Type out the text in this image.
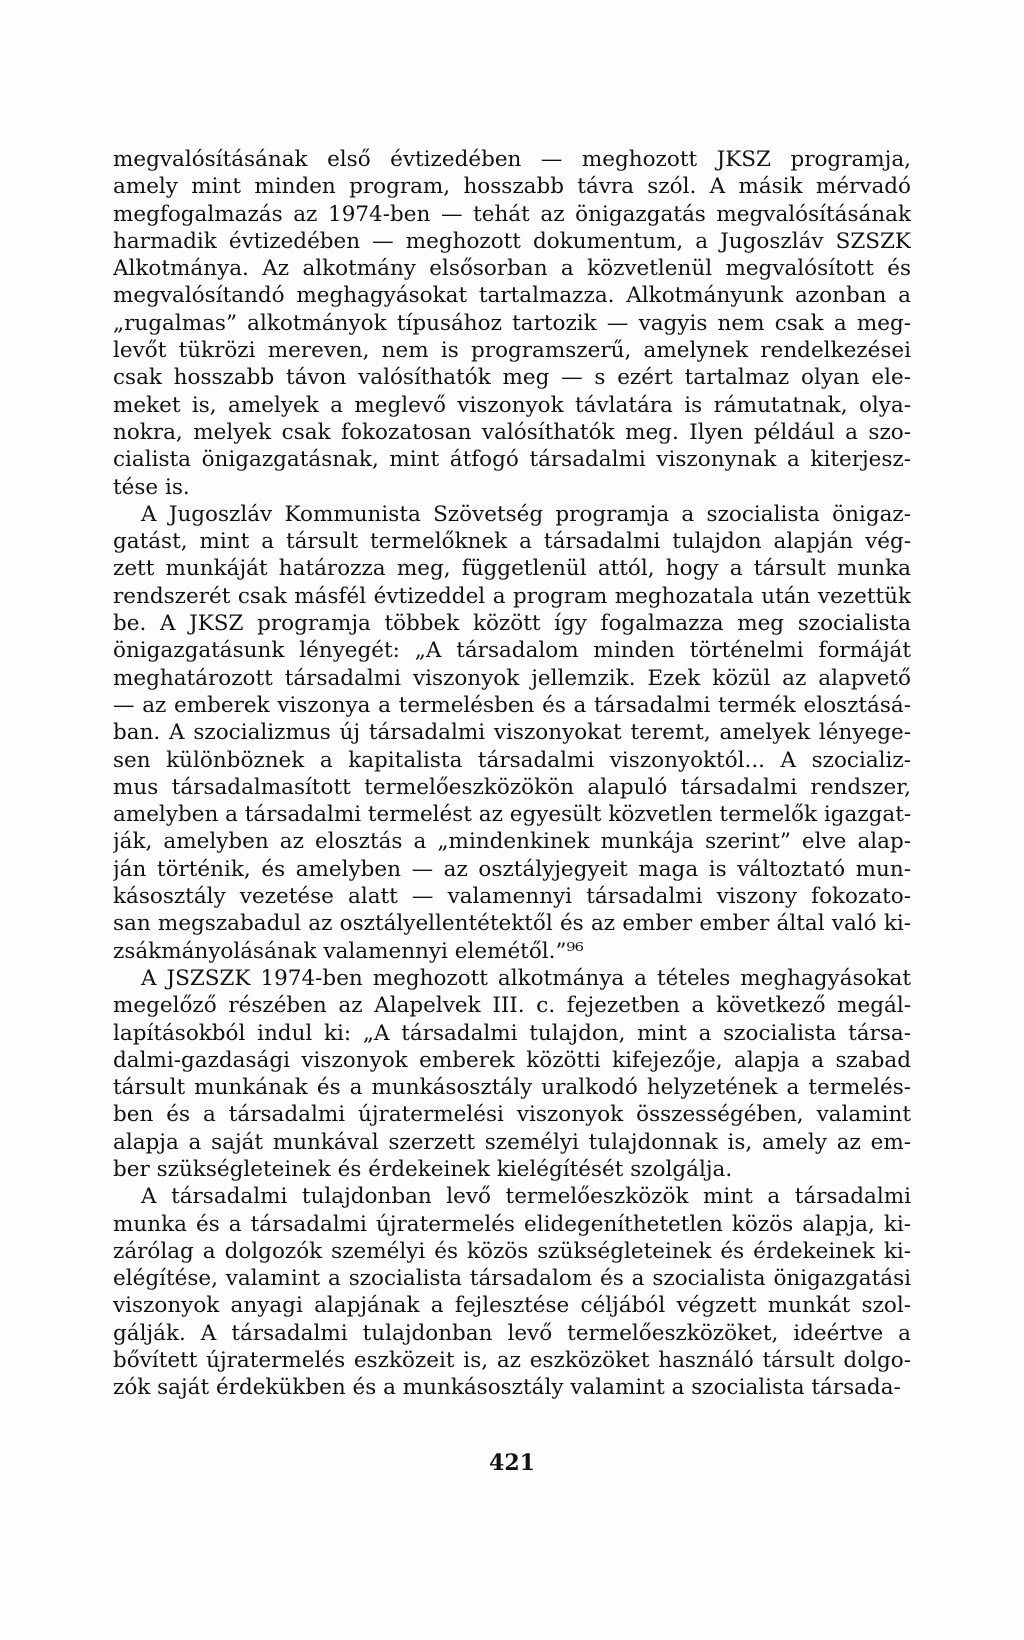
megvalósításának első évtizedében — meghozott JKSZ programja,
amely mint minden program, hosszabb távra szól. A másik mérvadó
megfogalmazás az 1974-ben — tehát az önigazgatás megvalósításának
harmadik évtizedében — meghozott dokumentum, a Jugoszláv SZSZK
Alkotmánya. Az alkotmány elsősorban a közvetlenül megvalósított és
megvalósítandó meghagyásokat tartalmazza. Alkotmányunk azonban a
„rugalmas” alkotmányok típusához tartozik — vagyis nem csak a meg-
levőt tükrözi mereven, nem is programszerű, amelynek rendelkezései
csak hosszabb távon valósíthatók meg — s ezért tartalmaz olyan ele-
meket is, amelyek a meglevő viszonyok távlatára is rámutatnak, olya-
nokra, melyek csak fokozatosan valósíthatók meg. Ilyen például a szo-
cialista önigazgatásnak, mint átfogó társadalmi viszonynak a kiterjesz-
tése is.
A Jugoszláv Kommunista Szövetség programja a szocialista önigaz-
gatást, mint a társult termelőknek a társadalmi tulajdon alapján vég-
zett munkáját határozza meg, függetlenül attól, hogy a társult munka
rendszerét csak másfél évtizeddel a program meghozatala után vezettük
be. A JKSZ programja többek között így fogalmazza meg szocialista
önigazgatásunk lényegét: „A társadalom minden történelmi formáját
meghatározott társadalmi viszonyok jellemzik. Ezek közül az alapvető
— az emberek viszonya a termelésben és a társadalmi termék elosztásá-
ban. A szocializmus új társadalmi viszonyokat teremt, amelyek lényege-
sen különböznek a kapitalista társadalmi viszonyoktól... A szocializ-
mus társadalmasított termelőeszközökön alapuló társadalmi rendszer,
amelyben a társadalmi termelést az egyesült közvetlen termelők igazgat-
ják, amelyben az elosztás a „mindenkinek munkája szerint” elve alap-
ján történik, és amelyben — az osztályjegyeit maga is változtató mun-
kásosztály vezetése alatt — valamennyi társadalmi viszony fokozato-
san megszabadul az osztályellentétektől és az ember ember által való ki-
zsákmányolásának valamennyi elemétől.”⁹⁶
A JSZSZK 1974-ben meghozott alkotmánya a tételes meghagyásokat
megelőző részében az Alapelvek III. c. fejezetben a következő megál-
lapításokból indul ki: „A társadalmi tulajdon, mint a szocialista társa-
dalmi-gazdasági viszonyok emberek közötti kifejezője, alapja a szabad
társult munkának és a munkásosztály uralkodó helyzetének a termelés-
ben és a társadalmi újratermelési viszonyok összességében, valamint
alapja a saját munkával szerzett személyi tulajdonnak is, amely az em-
ber szükségleteinek és érdekeinek kielégítését szolgálja.
A társadalmi tulajdonban levő termelőeszközök mint a társadalmi
munka és a társadalmi újratermelés elidegeníthetetlen közös alapja, ki-
zárólag a dolgozók személyi és közös szükségleteinek és érdekeinek ki-
elégítése, valamint a szocialista társadalom és a szocialista önigazgatási
viszonyok anyagi alapjának a fejlesztése céljából végzett munkát szol-
gálják. A társadalmi tulajdonban levő termelőeszközöket, ideértve a
bővített újratermelés eszközeit is, az eszközöket használó társult dolgo-
zók saját érdekükben és a munkásosztály valamint a szocialista társada-
421
